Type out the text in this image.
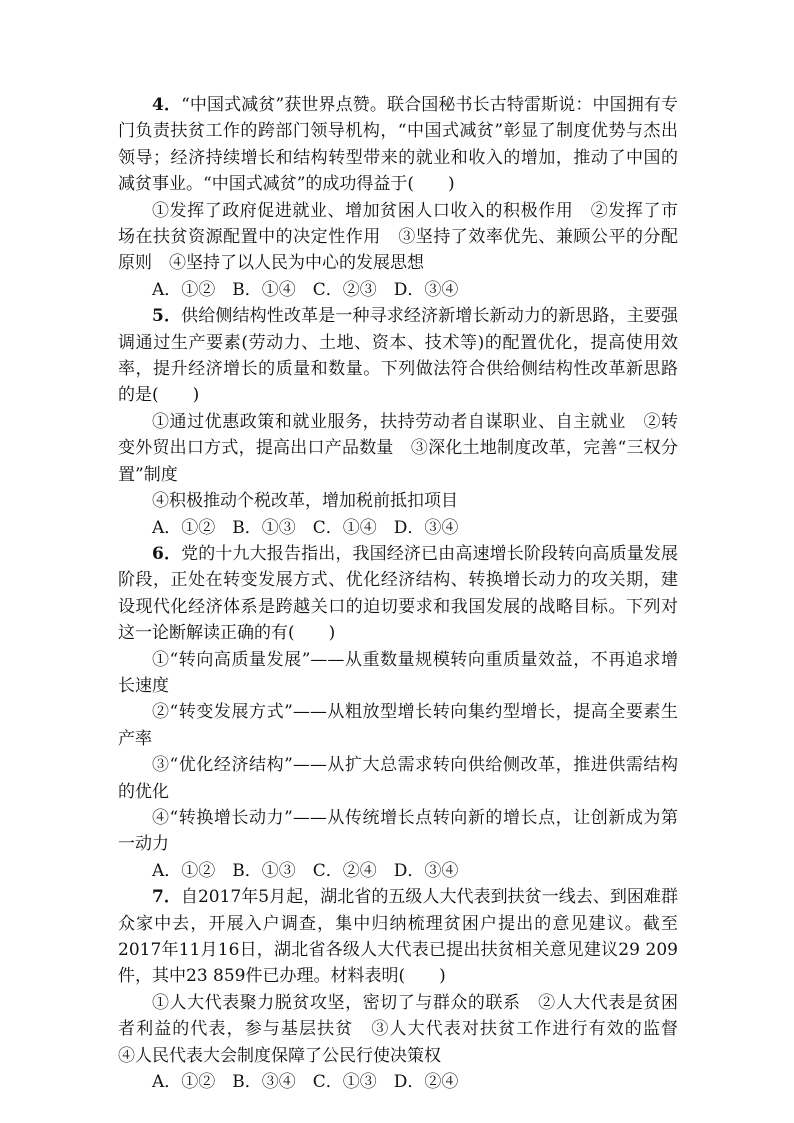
4．“中国式减贫”获世界点赞。联合国秘书长古特雷斯说：中国拥有专门负责扶贫工作的跨部门领导机构，“中国式减贫”彰显了制度优势与杰出领导；经济持续增长和结构转型带来的就业和收入的增加，推动了中国的减贫事业。“中国式减贫”的成功得益于(　　)

①发挥了政府促进就业、增加贫困人口收入的积极作用　②发挥了市场在扶贫资源配置中的决定性作用　③坚持了效率优先、兼顾公平的分配原则　④坚持了以人民为中心的发展思想

A．①②　B．①④　C．②③　D．③④

5．供给侧结构性改革是一种寻求经济新增长新动力的新思路，主要强调通过生产要素(劳动力、土地、资本、技术等)的配置优化，提高使用效率，提升经济增长的质量和数量。下列做法符合供给侧结构性改革新思路的是(　　)

①通过优惠政策和就业服务，扶持劳动者自谋职业、自主就业　②转变外贸出口方式，提高出口产品数量　③深化土地制度改革，完善“三权分置”制度

④积极推动个税改革，增加税前抵扣项目

A．①②　B．①③　C．①④　D．③④

6．党的十九大报告指出，我国经济已由高速增长阶段转向高质量发展阶段，正处在转变发展方式、优化经济结构、转换增长动力的攻关期，建设现代化经济体系是跨越关口的迫切要求和我国发展的战略目标。下列对这一论断解读正确的有(　　)

①“转向高质量发展”——从重数量规模转向重质量效益，不再追求增长速度

②“转变发展方式”——从粗放型增长转向集约型增长，提高全要素生产率

③“优化经济结构”——从扩大总需求转向供给侧改革，推进供需结构的优化

④“转换增长动力”——从传统增长点转向新的增长点，让创新成为第一动力

A．①②　B．①③　C．②④　D．③④

7．自2017年5月起，湖北省的五级人大代表到扶贫一线去、到困难群众家中去，开展入户调查，集中归纳梳理贫困户提出的意见建议。截至2017年11月16日，湖北省各级人大代表已提出扶贫相关意见建议29 209件，其中23 859件已办理。材料表明(　　)

①人大代表聚力脱贫攻坚，密切了与群众的联系　②人大代表是贫困者利益的代表，参与基层扶贫　③人大代表对扶贫工作进行有效的监督　④人民代表大会制度保障了公民行使决策权

A．①②　B．③④　C．①③　D．②④
